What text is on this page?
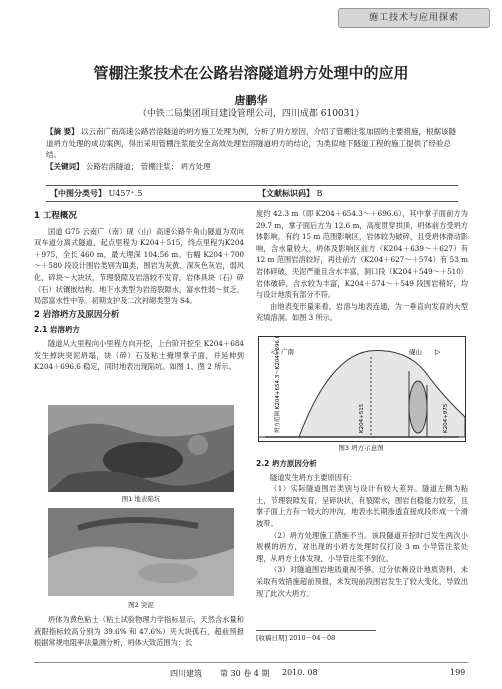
施工技术与应用探索
管棚注浆技术在公路岩溶隧道坍方处理中的应用
唐鹏华
（中铁二局集团项目建设管理公司，四川成都 610031）
【摘 要】 以云南广南高速公路岩溶隧道的坍方施工处理为例，分析了坍方原因，介绍了管棚注浆加固的主要措施，根据该隧道坍方处理的成功案例，得出采用管棚注浆能安全高效处理岩溶隧道坍方的结论，为类似地下隧道工程的施工提供了经验总结。
【关键词】 公路岩溶隧道； 管棚注浆； 坍方处理
【中图分类号】 U457⁺.5	【文献标识码】 B
1 工程概况

国道 G75 云南广（南）砚（山）高速公路牛角山隧道为双向双车道分离式隧道，起点里程为 K204＋515，终点里程为K204＋975，全长 460 m，最大埋深 104.56 m。右幅 K204＋700～＋580 段设计围岩类别为Ⅲ类，围岩为灰黄、深灰色灰岩，弱风化，碎块～大块状，节理裂隙及岩溶较不发育，岩体具块（石）碎（石）状镶嵌结构。地下水类型为岩溶裂隙水，富水性弱～贫乏，局部富水性中等。初期支护及二次衬砌类型为 S4。

2 岩溶坍方及原因分析
2.1 岩溶坍方

隧道从大里程向小里程方向开挖，上台阶开挖至 K204＋684 发生掉块突泥坍塌，块（碎）石及粘土掩埋掌子面，并延伸到 K204＋696.6 稳定，同时地表出现陷坑。如图 1、图 2 所示。

图1 地表陷坑
图2 突泥

坍体为黄色粘土（粘土试验物理力学指标显示，天然含水量和液限指标较高分别为 39.6% 和 47.6%）夹大块孤石，超前预报根据常规电阻率法量测分析，坍体大致范围为：长

度约 42.3 m（即 K204＋654.3～＋696.6），其中掌子面前方为 29.7 m，掌子面后方为 12.6 m，高度贯穿拱顶，坍体前方受坍方体影响，有约 15 m 范围影响区，岩体较为破碎，且受坍体滑动影响，含水量较大。坍体及影响区前方（K204＋639～＋627）有 12 m 范围岩溶较好，再往前方（K204＋627～＋574）有 53 m 岩体碎破，夹泥严重且含水丰富，洞口段（K204＋549～＋510）岩体破碎，含水较为丰富，K204＋574～＋549 段围岩稍好，均与设计地质有部分不符。

由地表变形量来看，岩溶与地表连通，为一垂直向发育的大型充填溶洞。如图 3 所示。

广南	砚山
◁	▷
坍方范围 K204+654.3～K204+696.6	K204+515	K204+975
图3 坍方示意图
2.2 坍方原因分析

隧道发生坍方主要原因有：

（1）实际隧道围岩类别与设计有较大差异。隧道左侧为粘土，节理裂隙发育，呈碎块状，有裂隙水，围岩自稳能力较差，且掌子面上方有一较大的冲沟，地表水长期渗透直接成段形成一个滑坡带。

（2）坍方处理施工措施不当。该段隧道开挖时已发生两次小规模的坍方，对出现的小坍方处理时仅打设 3 m 小导管注浆处理，从坍方土体发现，小导管注浆不到位。

（3）对隧道围岩地质重视不够。过分依赖设计地质资料，未采取有效措施超前预报，未发现前段围岩发生了较大变化，导致出现了此次大坍方。

[收稿日期] 2010－04－08
四川建筑 第 30 卷 4 期 2010. 08	199
